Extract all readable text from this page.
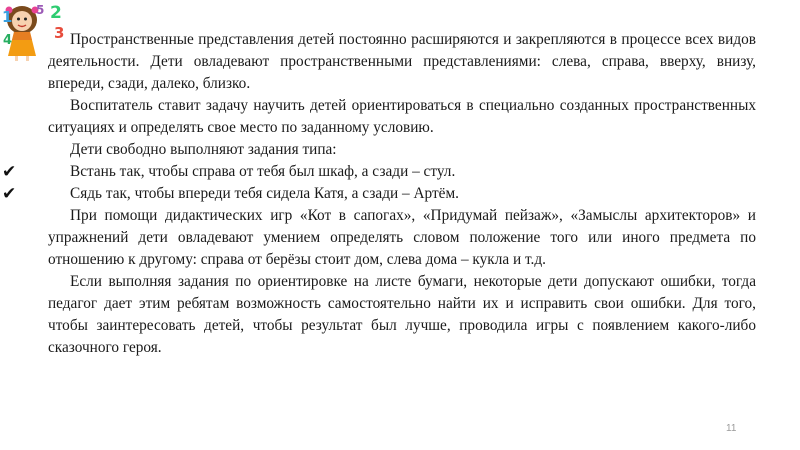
1 5 2
4	3 Пространственные представления детей постоянно расширяются и закрепляются в процессе всех видов деятельности. Дети овладевают пространственными представлениями: слева, справа, вверху, внизу, впереди, сзади, далеко, близко.

Воспитатель ставит задачу научить детей ориентироваться в специально созданных пространственных ситуациях и определять свое место по заданному условию.

Дети свободно выполняют задания типа:

✔	Встань так, чтобы справа от тебя был шкаф, а сзади – стул.
✔	Сядь так, чтобы впереди тебя сидела Катя, а сзади – Артём.

При помощи дидактических игр «Кот в сапогах», «Придумай пейзаж», «Замыслы архитекторов» и упражнений дети овладевают умением определять словом положение того или иного предмета по отношению к другому: справа от берёзы стоит дом, слева дома – кукла и т.д.

Если выполняя задания по ориентировке на листе бумаги, некоторые дети допускают ошибки, тогда педагог дает этим ребятам возможность самостоятельно найти их и исправить свои ошибки. Для того, чтобы заинтересовать детей, чтобы результат был лучше, проводила игры с появлением какого-либо сказочного героя.

11
